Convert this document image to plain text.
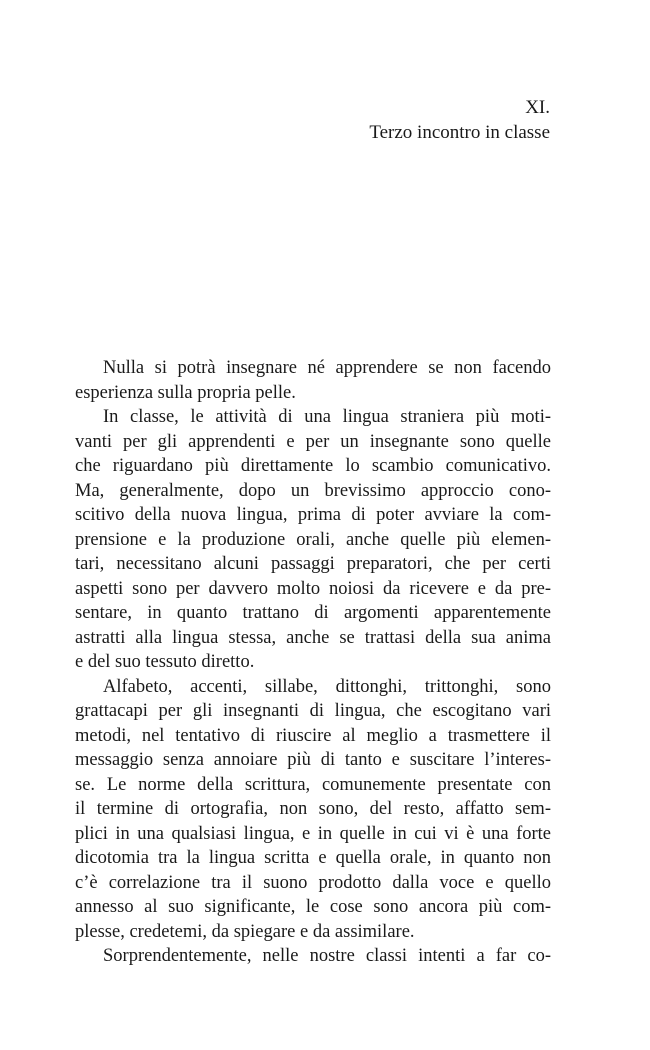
XI.
Terzo incontro in classe
Nulla si potrà insegnare né apprendere se non facendo
esperienza sulla propria pelle.
In classe, le attività di una lingua straniera più moti-
vanti per gli apprendenti e per un insegnante sono quelle
che riguardano più direttamente lo scambio comunicativo.
Ma, generalmente, dopo un brevissimo approccio cono-
scitivo della nuova lingua, prima di poter avviare la com-
prensione e la produzione orali, anche quelle più elemen-
tari, necessitano alcuni passaggi preparatori, che per certi
aspetti sono per davvero molto noiosi da ricevere e da pre-
sentare, in quanto trattano di argomenti apparentemente
astratti alla lingua stessa, anche se trattasi della sua anima
e del suo tessuto diretto.
Alfabeto, accenti, sillabe, dittonghi, trittonghi, sono
grattacapi per gli insegnanti di lingua, che escogitano vari
metodi, nel tentativo di riuscire al meglio a trasmettere il
messaggio senza annoiare più di tanto e suscitare l’interes-
se. Le norme della scrittura, comunemente presentate con
il termine di ortografia, non sono, del resto, affatto sem-
plici in una qualsiasi lingua, e in quelle in cui vi è una forte
dicotomia tra la lingua scritta e quella orale, in quanto non
c’è correlazione tra il suono prodotto dalla voce e quello
annesso al suo significante, le cose sono ancora più com-
plesse, credetemi, da spiegare e da assimilare.
Sorprendentemente, nelle nostre classi intenti a far co-
